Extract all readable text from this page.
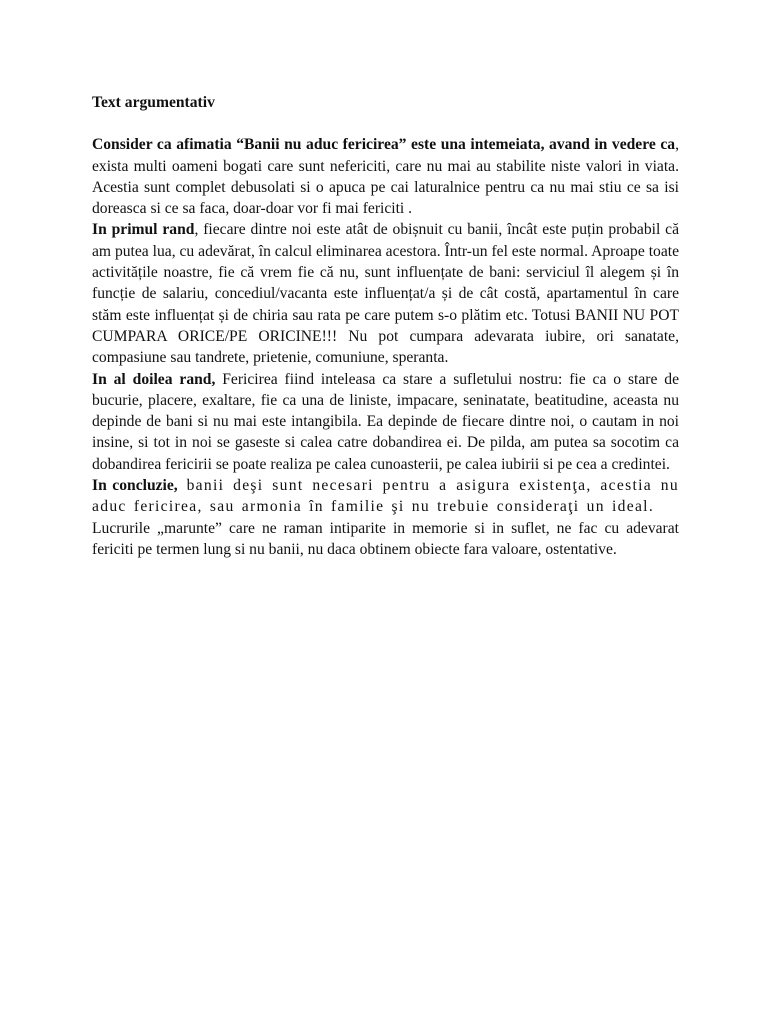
Text argumentativ

Consider ca afimatia “Banii nu aduc fericirea” este una intemeiata, avand in vedere ca, exista multi oameni bogati care sunt nefericiti, care nu mai au stabilite niste valori in viata. Acestia sunt complet debusolati si o apuca pe cai laturalnice pentru ca nu mai stiu ce sa isi doreasca si ce sa faca, doar-doar vor fi mai fericiti .

In primul rand, fiecare dintre noi este atât de obișnuit cu banii, încât este puțin probabil că am putea lua, cu adevărat, în calcul eliminarea acestora. Într-un fel este normal. Aproape toate activitățile noastre, fie că vrem fie că nu, sunt influențate de bani: serviciul îl alegem și în funcție de salariu, concediul/vacanta este influențat/a și de cât costă, apartamentul în care stăm este influențat și de chiria sau rata pe care putem s-o plătim etc. Totusi BANII NU POT CUMPARA ORICE/PE ORICINE!!! Nu pot cumpara adevarata iubire, ori sanatate, compasiune sau tandrete, prietenie, comuniune, speranta.

In al doilea rand, Fericirea fiind inteleasa ca stare a sufletului nostru: fie ca o stare de bucurie, placere, exaltare, fie ca una de liniste, impacare, seninatate, beatitudine, aceasta nu depinde de bani si nu mai este intangibila. Ea depinde de fiecare dintre noi, o cautam in noi insine, si tot in noi se gaseste si calea catre dobandirea ei. De pilda, am putea sa socotim ca dobandirea fericirii se poate realiza pe calea cunoasterii, pe calea iubirii si pe cea a credintei.

In concluzie, banii deşi sunt necesari pentru a asigura existenţa, acestia nu aduc fericirea, sau armonia în familie şi nu trebuie consideraţi un ideal.

Lucrurile „marunte” care ne raman intiparite in memorie si in suflet, ne fac cu adevarat fericiti pe termen lung si nu banii, nu daca obtinem obiecte fara valoare, ostentative.
